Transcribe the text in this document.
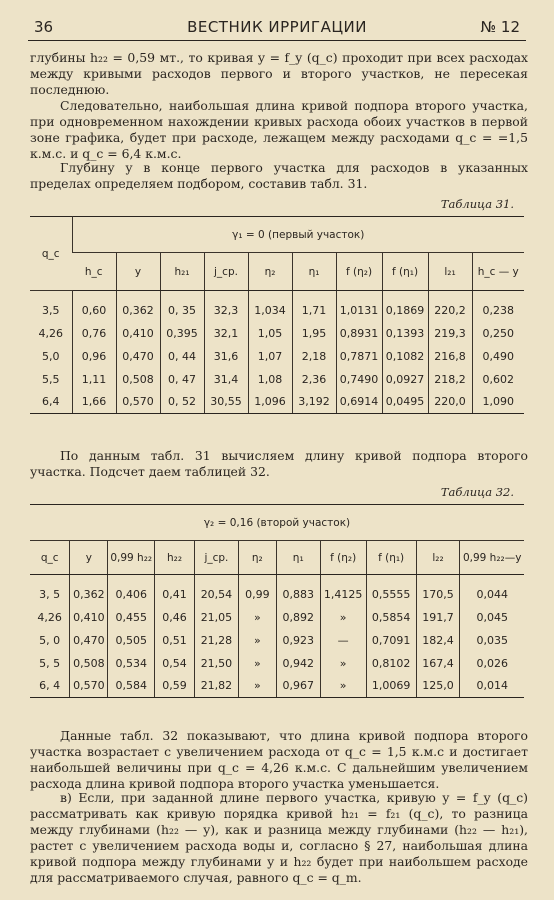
36	ВЕСТНИК ИРРИГАЦИИ	№ 12

глубины h₂₂ = 0,59 мт., то кривая y = f_y (q_c) проходит при всех расходах между кривыми расходов первого и второго участков, не пересекая последнюю.

Следовательно, наибольшая длина кривой подпора второго участка, при одновременном нахождении кривых расхода обоих участков в первой зоне графика, будет при расходе, лежащем между расходами q_c = =1,5 к.м.с. и q_c = 6,4 к.м.с.

Глубину y в конце первого участка для расходов в указанных пределах определяем подбором, составив табл. 31.

Таблица 31.
q_c	γ₁ = 0 (первый участок)									
	h_c	y	h₂₁	j_ср.	η₂	η₁	f (η₂)	f (η₁)	l₂₁	h_c — y
3,5	0,60	0,362	0, 35	32,3	1,034	1,71	1,0131	0,1869	220,2	0,238
4,26	0,76	0,410	0,395	32,1	1,05	1,95	0,8931	0,1393	219,3	0,250
5,0	0,96	0,470	0, 44	31,6	1,07	2,18	0,7871	0,1082	216,8	0,490
5,5	1,11	0,508	0, 47	31,4	1,08	2,36	0,7490	0,0927	218,2	0,602
6,4	1,66	0,570	0, 52	30,55	1,096	3,192	0,6914	0,0495	220,0	1,090

По данным табл. 31 вычисляем длину кривой подпора второго участка. Подсчет даем таблицей 32.

Таблица 32.
γ₂ = 0,16 (второй участок)										
q_c	y	0,99 h₂₂	h₂₂	j_ср.	η₂	η₁	f (η₂)	f (η₁)	l₂₂	0,99 h₂₂—y
3, 5	0,362	0,406	0,41	20,54	0,99	0,883	1,4125	0,5555	170,5	0,044
4,26	0,410	0,455	0,46	21,05	»	0,892	»	0,5854	191,7	0,045
5, 0	0,470	0,505	0,51	21,28	»	0,923	—	0,7091	182,4	0,035
5, 5	0,508	0,534	0,54	21,50	»	0,942	»	0,8102	167,4	0,026
6, 4	0,570	0,584	0,59	21,82	»	0,967	»	1,0069	125,0	0,014

Данные табл. 32 показывают, что длина кривой подпора второго участка возрастает с увеличением расхода от q_c = 1,5 к.м.с и достигает наибольшей величины при q_c = 4,26 к.м.с. С дальнейшим увеличением расхода длина кривой подпора второго участка уменьшается.

в) Если, при заданной длине первого участка, кривую y = f_y (q_c) рассматривать как кривую порядка кривой h₂₁ = f₂₁ (q_c), то разница между глубинами (h₂₂ — y), как и разница между глубинами (h₂₂ — h₂₁), растет с увеличением расхода воды и, согласно § 27, наибольшая длина кривой подпора между глубинами y и h₂₂ будет при наибольшем расходе для рассматриваемого случая, равного q_c = q_m.
